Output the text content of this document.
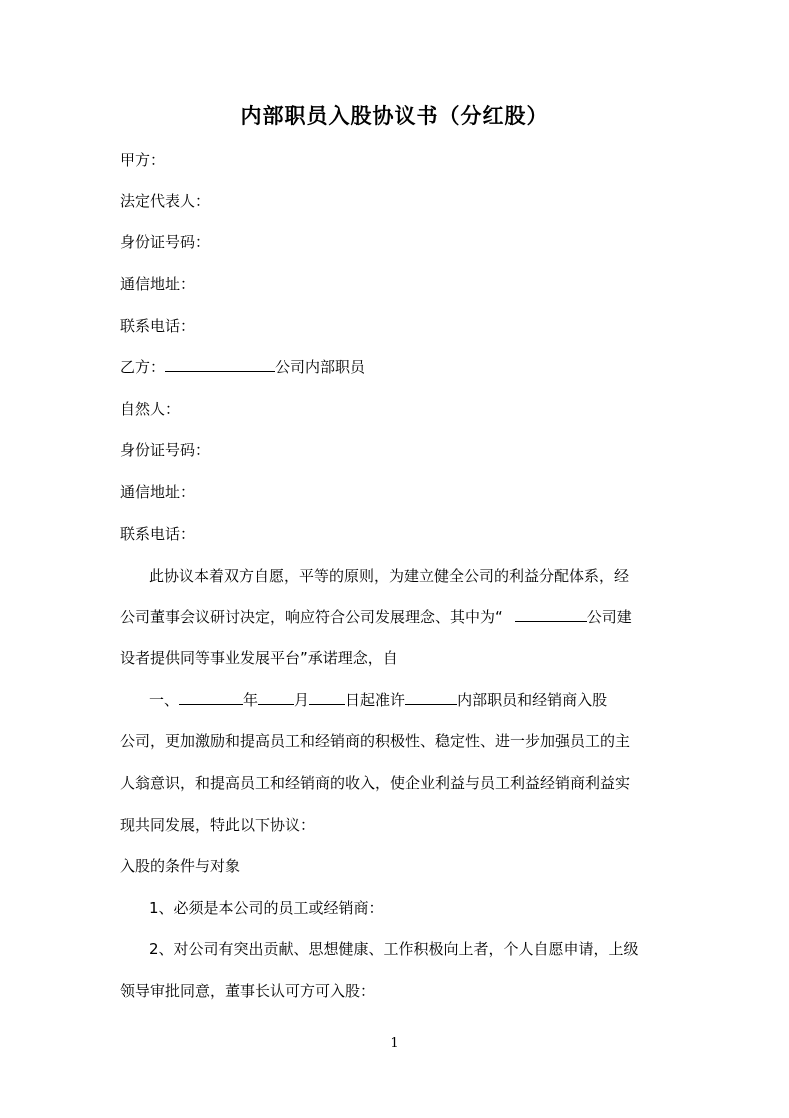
内部职员入股协议书（分红股）
甲方：
法定代表人：
身份证号码：
通信地址：
联系电话：
乙方：	公司内部职员
自然人：
身份证号码：
通信地址：
联系电话：
此协议本着双方自愿，平等的原则，为建立健全公司的利益分配体系，经
公司董事会议研讨决定，响应符合公司发展理念、其中为“	公司建
设者提供同等事业发展平台”承诺理念，自
一、	年 月 日起准许	内部职员和经销商入股
公司，更加激励和提高员工和经销商的积极性、稳定性、进一步加强员工的主
人翁意识，和提高员工和经销商的收入，使企业利益与员工利益经销商利益实
现共同发展，特此以下协议：
入股的条件与对象
1、必须是本公司的员工或经销商：
2、对公司有突出贡献、思想健康、工作积极向上者，个人自愿申请，上级
领导审批同意，董事长认可方可入股：
1
